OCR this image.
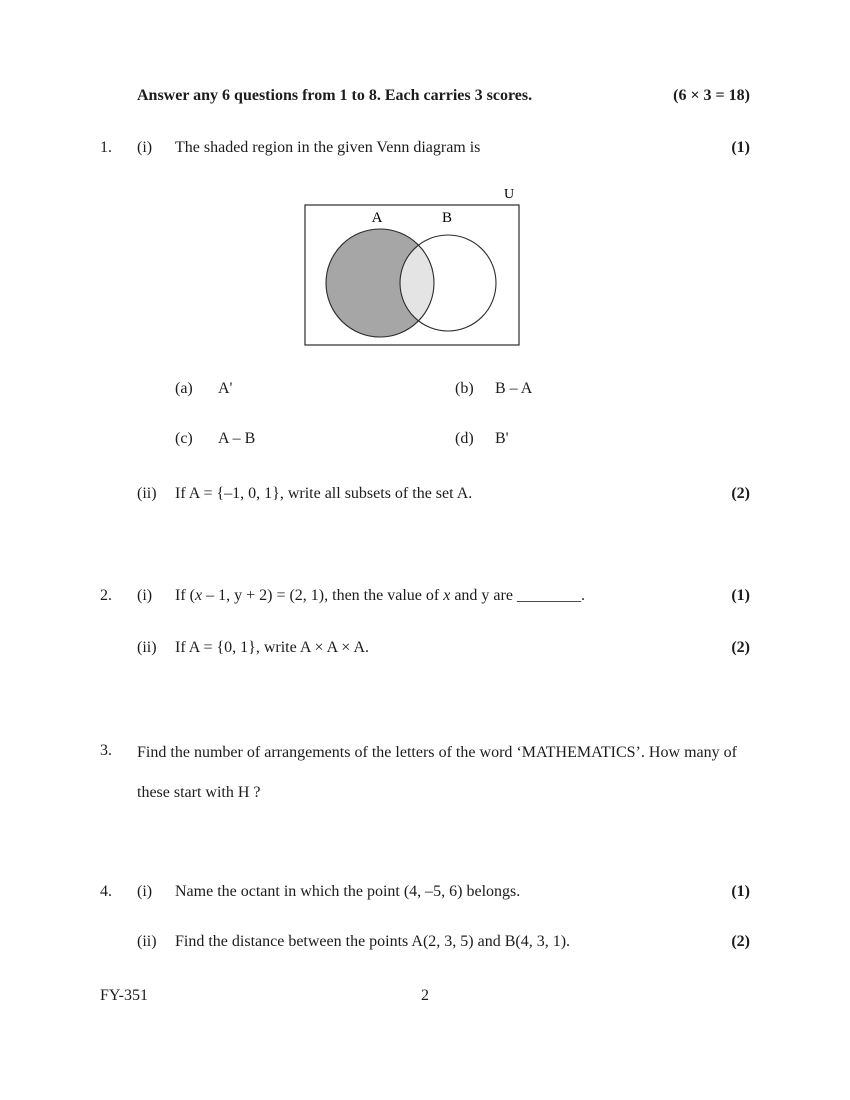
Answer any 6 questions from 1 to 8. Each carries 3 scores.	(6 × 3 = 18)
1.	(i)	The shaded region in the given Venn diagram is	(1)
U
A	B
(a)	A'	(b)	B – A
(c)	A – B	(d)	B'
(ii)	If A = {–1, 0, 1}, write all subsets of the set A.	(2)
2.	(i)	If (x – 1, y + 2) = (2, 1), then the value of x and y are ________.	(1)
(ii)	If A = {0, 1}, write A × A × A.	(2)
3. Find the number of arrangements of the letters of the word ‘MATHEMATICS’. How many of these start with H ?
4.	(i)	Name the octant in which the point (4, –5, 6) belongs.	(1)
(ii)	Find the distance between the points A(2, 3, 5) and B(4, 3, 1).	(2)
FY-351	2
